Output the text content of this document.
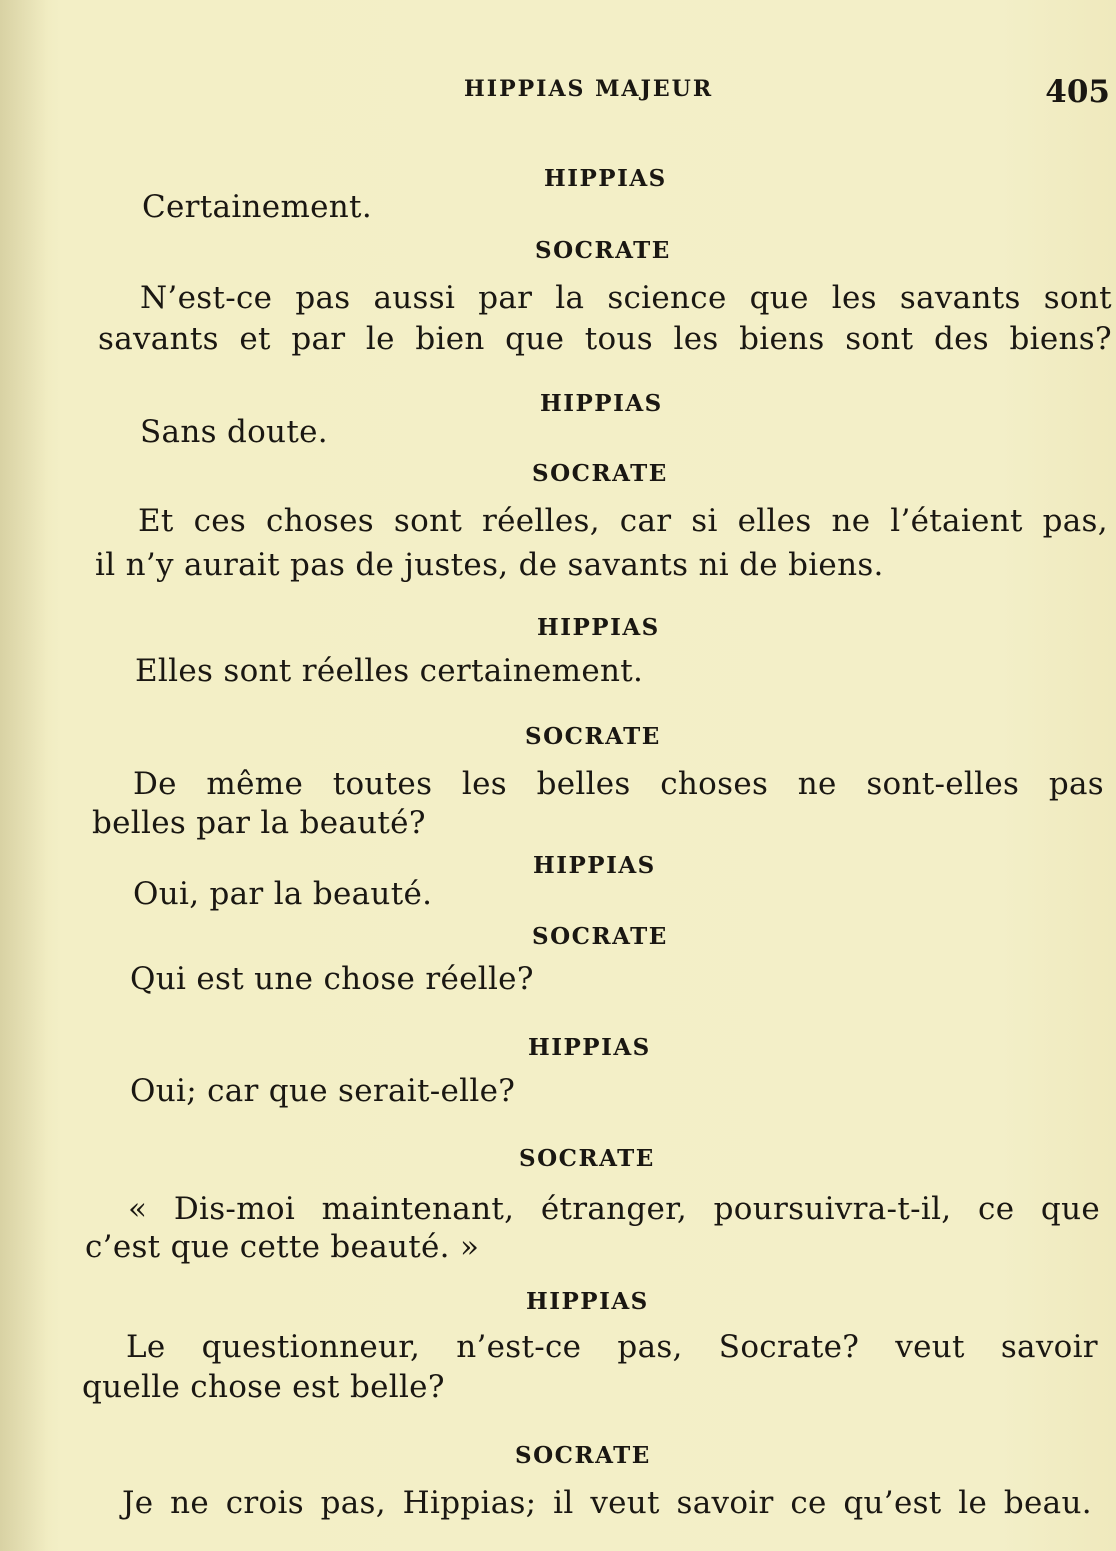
HIPPIAS MAJEUR	405
HIPPIAS
Certainement.
SOCRATE
N’est-ce pas aussi par la science que les savants sont
savants et par le bien que tous les biens sont des biens?
HIPPIAS
Sans doute.
SOCRATE
Et ces choses sont réelles, car si elles ne l’étaient pas,
il n’y aurait pas de justes, de savants ni de biens.
HIPPIAS
Elles sont réelles certainement.
SOCRATE
De même toutes les belles choses ne sont-elles pas
belles par la beauté?
HIPPIAS
Oui, par la beauté.
SOCRATE
Qui est une chose réelle?
HIPPIAS
Oui; car que serait-elle?
SOCRATE
« Dis-moi maintenant, étranger, poursuivra-t-il, ce que
c’est que cette beauté. »
HIPPIAS
Le questionneur, n’est-ce pas, Socrate? veut savoir
quelle chose est belle?
SOCRATE
Je ne crois pas, Hippias; il veut savoir ce qu’est le beau.
